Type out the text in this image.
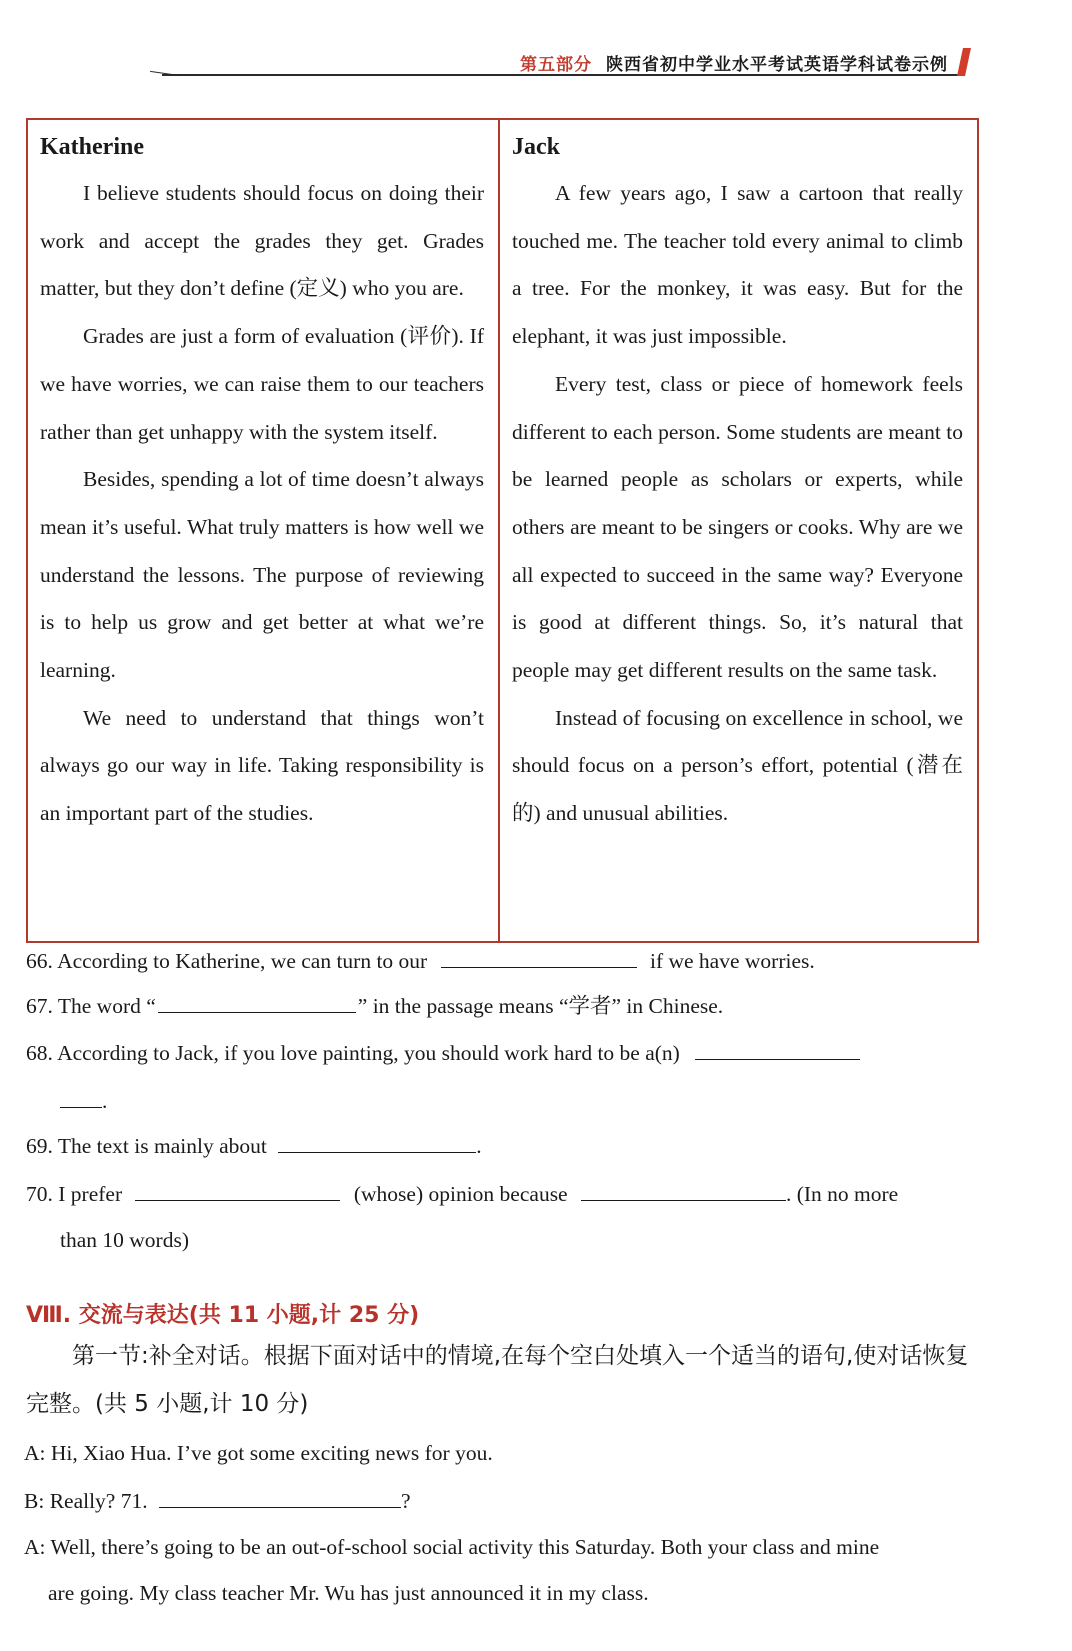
第五部分 陕西省初中学业水平考试英语学科试卷示例
Katherine

I believe students should focus on doing their work and accept the grades they get. Grades matter, but they don’t define (定义) who you are.

Grades are just a form of evaluation (评价). If we have worries, we can raise them to our teachers rather than get unhappy with the system itself.

Besides, spending a lot of time doesn’t always mean it’s useful. What truly matters is how well we understand the lessons. The purpose of reviewing is to help us grow and get better at what we’re learning.

We need to understand that things won’t always go our way in life. Taking responsibility is an important part of the studies.

Jack

A few years ago, I saw a cartoon that really touched me. The teacher told every animal to climb a tree. For the monkey, it was easy. But for the elephant, it was just impossible.

Every test, class or piece of homework feels different to each person. Some students are meant to be learned people as scholars or experts, while others are meant to be singers or cooks. Why are we all expected to succeed in the same way? Everyone is good at different things. So, it’s natural that people may get different results on the same task.

Instead of focusing on excellence in school, we should focus on a person’s effort, potential (潜在的) and unusual abilities.

66. According to Katherine, we can turn to our	if we have worries.
67. The word “	” in the passage means “学者” in Chinese.
68. According to Jack, if you love painting, you should work hard to be a(n)
.
69. The text is mainly about	.
70. I prefer	(whose) opinion because	. (In no more
than 10 words)
Ⅷ. 交流与表达(共 11 小题,计 25 分)
第一节:补全对话。根据下面对话中的情境,在每个空白处填入一个适当的语句,使对话恢复完整。(共 5 小题,计 10 分)
A: Hi, Xiao Hua. I’ve got some exciting news for you.
B: Really? 71.	?
A: Well, there’s going to be an out-of-school social activity this Saturday. Both your class and mine
are going. My class teacher Mr. Wu has just announced it in my class.
